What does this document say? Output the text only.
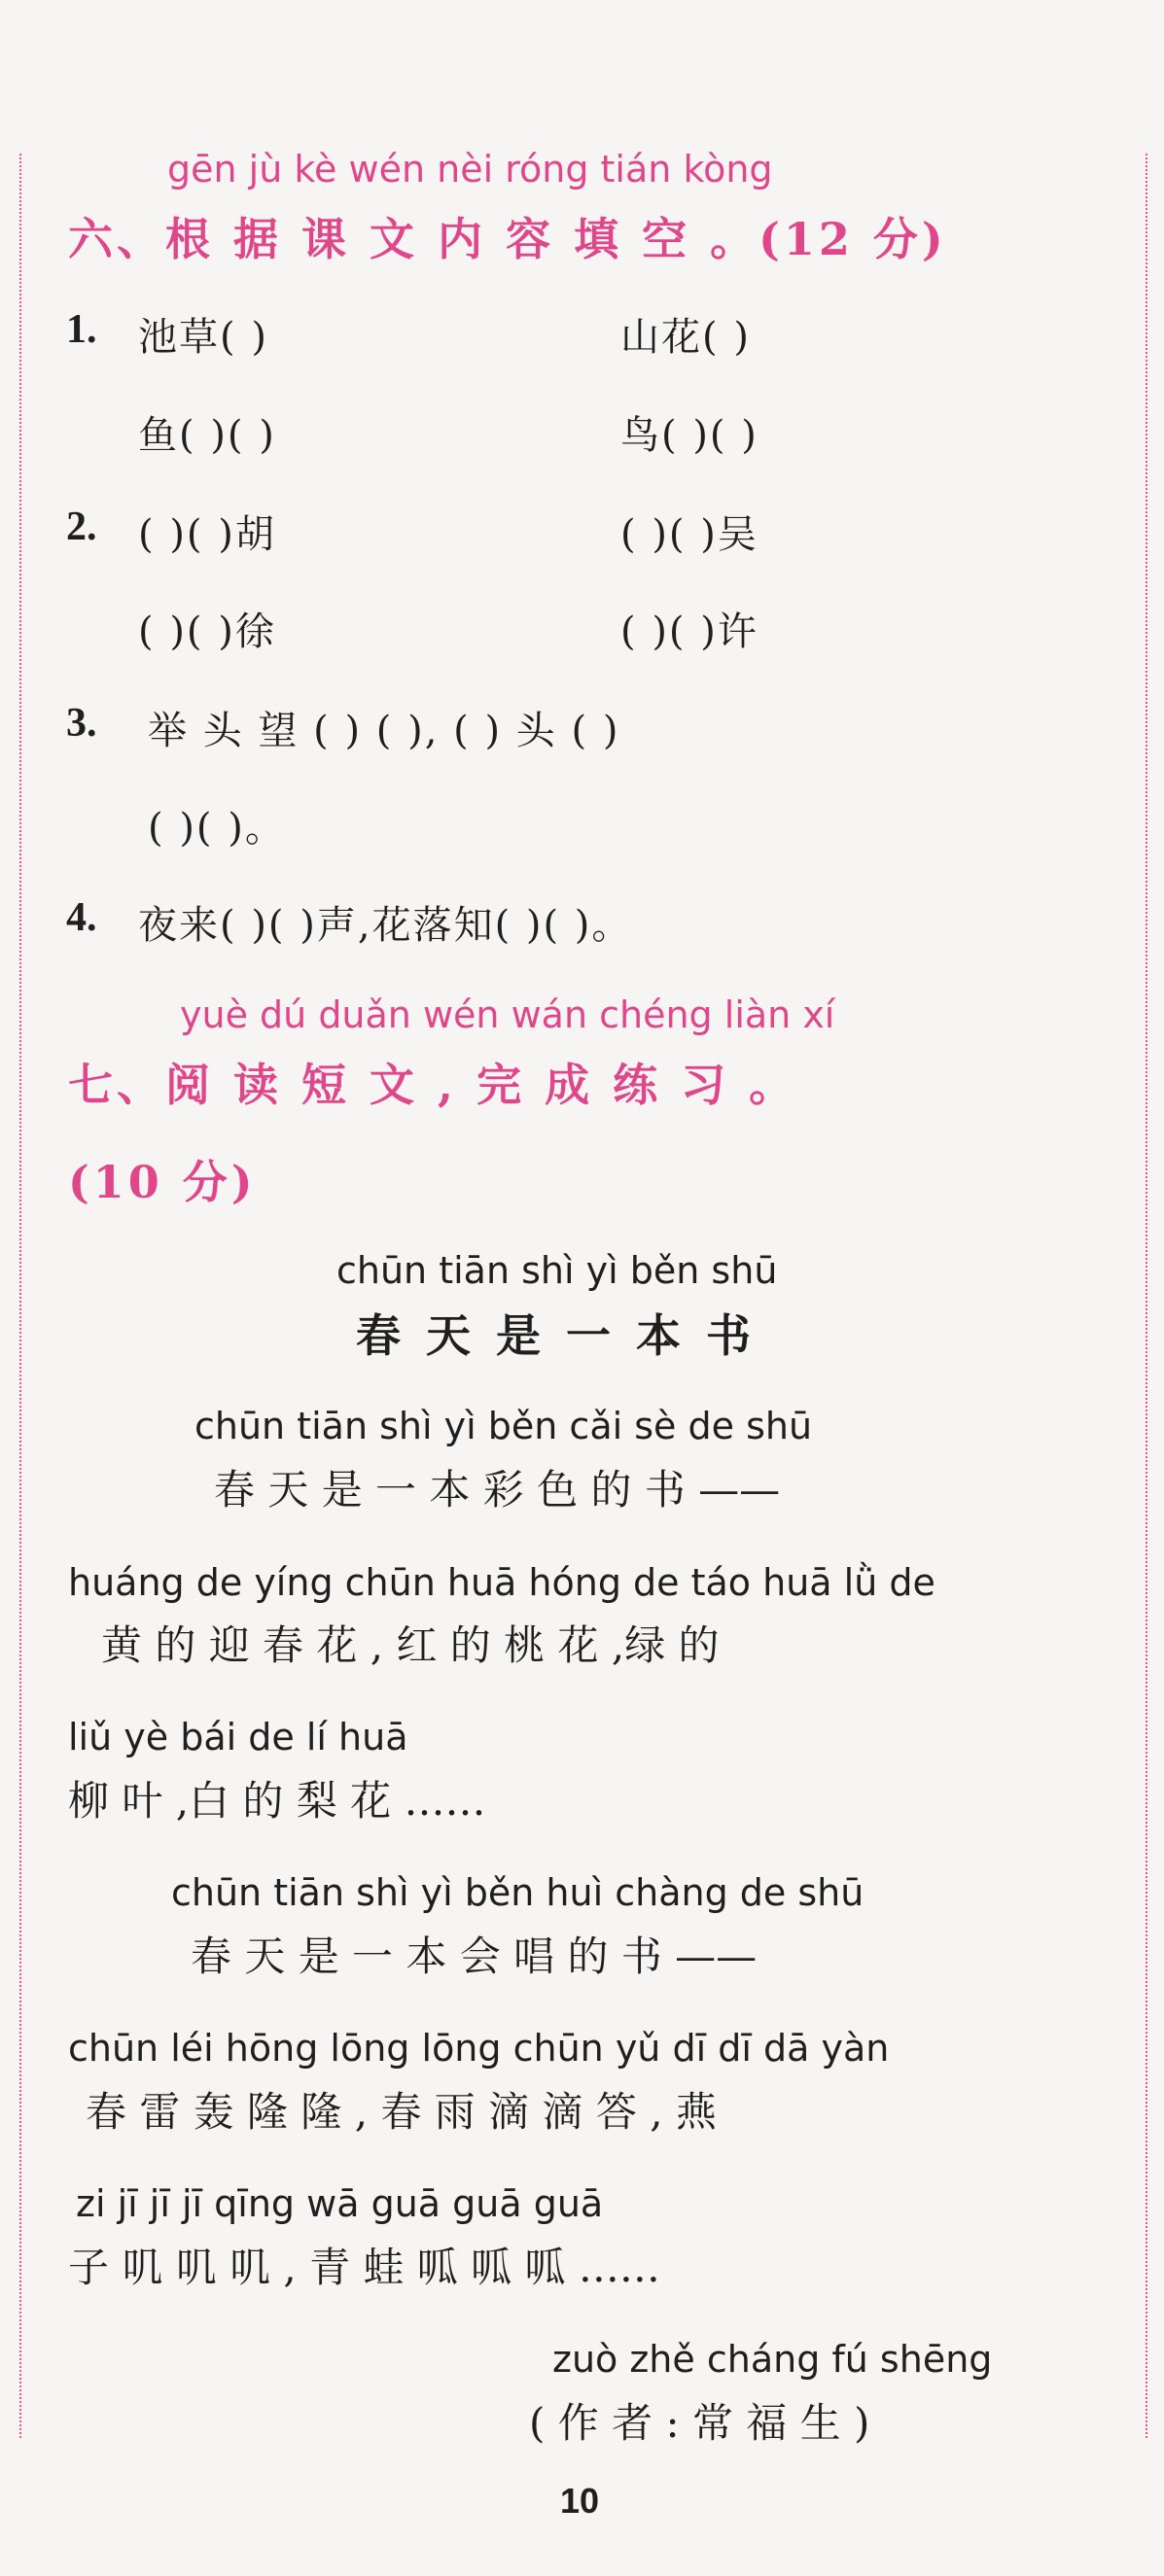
gēn jù kè wén nèi róng tián kòng
六、根 据 课 文 内 容 填 空 。(12 分)
1. 池草( )	山花( )
鱼( )( )	鸟( )( )
2. ( )( )胡	( )( )吴
( )( )徐	( )( )许
3. 举 头 望 ( ) ( ), ( ) 头 ( )
( )( )。
4. 夜来( )( )声,花落知( )( )。
yuè dú duǎn wén wán chéng liàn xí
七、阅 读 短 文 , 完 成 练 习 。
(10 分)
chūn tiān shì yì běn shū
春天是一本书
chūn tiān shì yì běn cǎi sè de shū
春 天 是 一 本 彩 色 的 书 ——
huáng de yíng chūn huā hóng de táo huā lǜ de
黄 的 迎 春 花 , 红 的 桃 花 ,绿 的
liǔ yè bái de lí huā
柳 叶 ,白 的 梨 花 ……
chūn tiān shì yì běn huì chàng de shū
春 天 是 一 本 会 唱 的 书 ——
chūn léi hōng lōng lōng chūn yǔ dī dī dā yàn
春 雷 轰 隆 隆 , 春 雨 滴 滴 答 , 燕
zi jī jī jī qīng wā guā guā guā
子 叽 叽 叽 , 青 蛙 呱 呱 呱 ……
zuò zhě cháng fú shēng
( 作 者 : 常 福 生 )
10
